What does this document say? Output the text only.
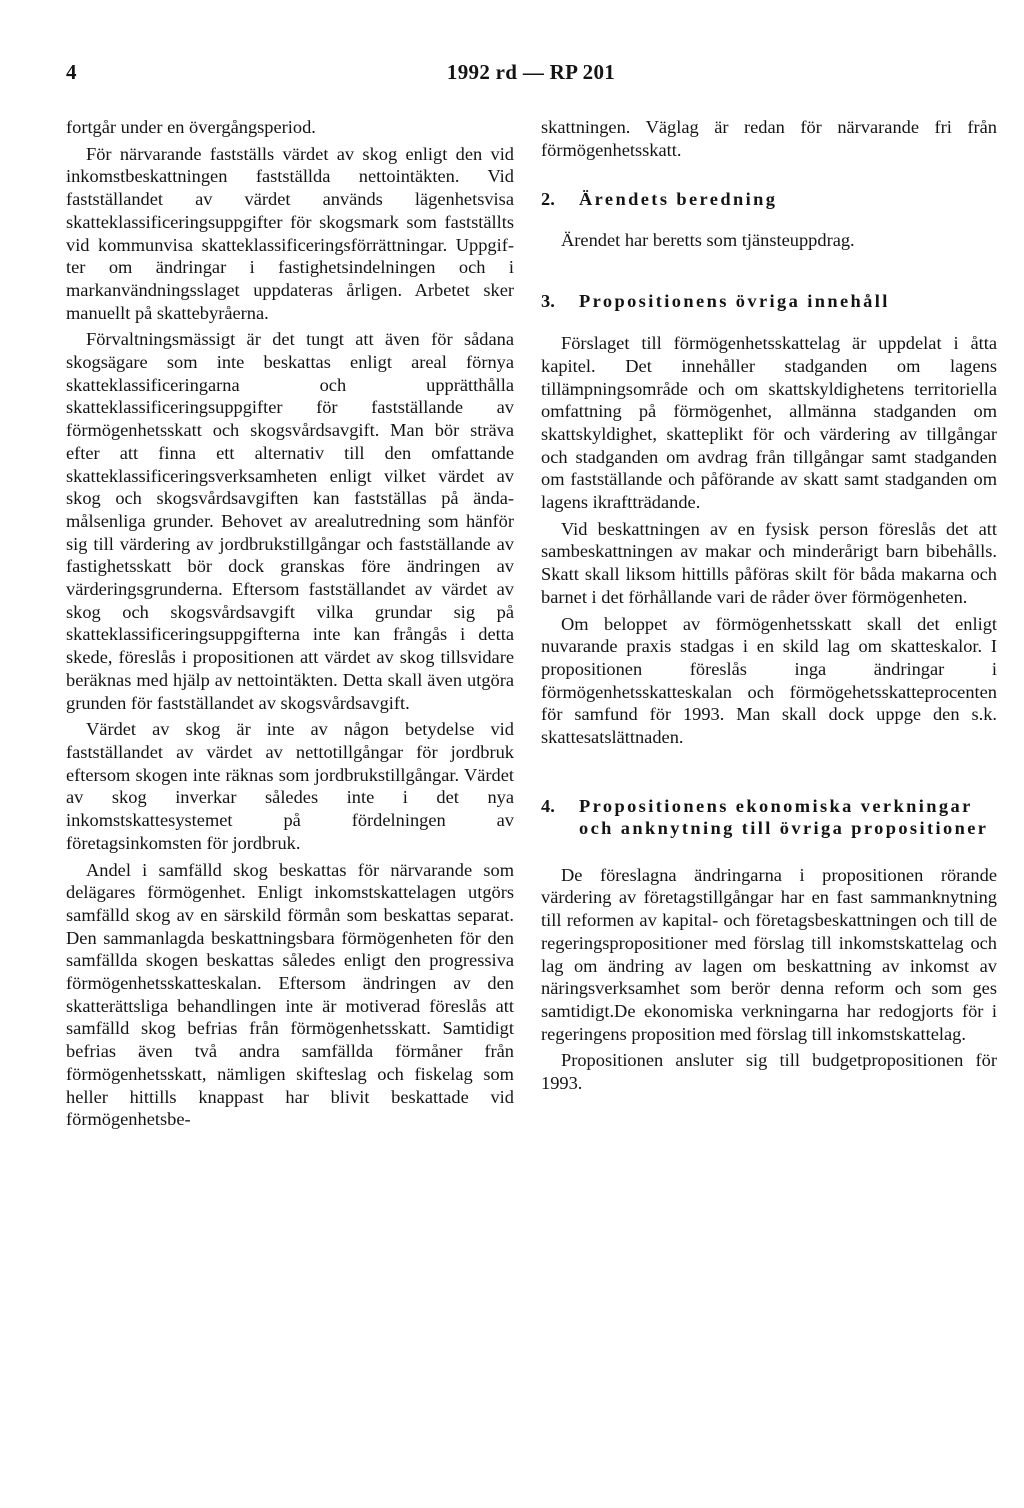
4	1992 rd — RP 201

fortgår under en övergångsperiod.

För närvarande fastställs värdet av skog enligt den vid inkomstbeskattningen fastställda nettointäkten. Vid fastställandet av värdet används lägenhetsvisa skatteklassificeringsuppgifter för skogsmark som fastställts vid kommunvisa skatteklassificeringsförrättningar. Uppgifter om ändringar i fastighetsindelningen och i markanvändningsslaget uppdateras årligen. Arbetet sker manuellt på skattebyråerna.

Förvaltningsmässigt är det tungt att även för sådana skogsägare som inte beskattas enligt areal förnya skatteklassificeringarna och upprätthålla skatteklassificeringsuppgifter för fastställande av förmögenhetsskatt och skogsvårdsavgift. Man bör sträva efter att finna ett alternativ till den omfattande skatteklassificeringsverksamheten enligt vilket värdet av skog och skogsvårdsavgiften kan fastställas på ändamålsenliga grunder. Behovet av arealutredning som hänför sig till värdering av jordbrukstillgångar och fastställande av fastighetsskatt bör dock granskas före ändringen av värderingsgrunderna. Eftersom fastställandet av värdet av skog och skogsvårdsavgift vilka grundar sig på skatteklassificeringsuppgifterna inte kan frångås i detta skede, föreslås i propositionen att värdet av skog tillsvidare beräknas med hjälp av nettointäkten. Detta skall även utgöra grunden för fastställandet av skogsvårdsavgift.

Värdet av skog är inte av någon betydelse vid fastställandet av värdet av nettotillgångar för jordbruk eftersom skogen inte räknas som jordbrukstillgångar. Värdet av skog inverkar således inte i det nya inkomstskattesystemet på fördelningen av företagsinkomsten för jordbruk.

Andel i samfälld skog beskattas för närvarande som delägares förmögenhet. Enligt inkomstskattelagen utgörs samfälld skog av en särskild förmån som beskattas separat. Den sammanlagda beskattningsbara förmögenheten för den samfällda skogen beskattas således enligt den progressiva förmögenhetsskatteskalan. Eftersom ändringen av den skatterättsliga behandlingen inte är motiverad föreslås att samfälld skog befrias från förmögenhetsskatt. Samtidigt befrias även två andra samfällda förmåner från förmögenhetsskatt, nämligen skifteslag och fiskelag som heller hittills knappast har blivit beskattade vid förmögenhetsbe-

skattningen. Väglag är redan för närvarande fri från förmögenhetsskatt.

2.	Ärendets beredning

Ärendet har beretts som tjänsteuppdrag.

3.	Propositionens övriga innehåll

Förslaget till förmögenhetsskattelag är uppdelat i åtta kapitel. Det innehåller stadganden om lagens tillämpningsområde och om skattskyldighetens territoriella omfattning på förmögenhet, allmänna stadganden om skattskyldighet, skatteplikt för och värdering av tillgångar och stadganden om avdrag från tillgångar samt stadganden om fastställande och påförande av skatt samt stadganden om lagens ikraftträdande.

Vid beskattningen av en fysisk person föreslås det att sambeskattningen av makar och minderårigt barn bibehålls. Skatt skall liksom hittills påföras skilt för båda makarna och barnet i det förhållande vari de råder över förmögenheten.

Om beloppet av förmögenhetsskatt skall det enligt nuvarande praxis stadgas i en skild lag om skatteskalor. I propositionen föreslås inga ändringar i förmögenhetsskatteskalan och förmögehetsskatteprocenten för samfund för 1993. Man skall dock uppge den s.k. skattesatslättnaden.

4.	Propositionens ekonomiska verkningar och anknytning till övriga propositioner

De föreslagna ändringarna i propositionen rörande värdering av företagstillgångar har en fast sammanknytning till reformen av kapital- och företagsbeskattningen och till de regeringspropositioner med förslag till inkomstskattelag och lag om ändring av lagen om beskattning av inkomst av näringsverksamhet som berör denna reform och som ges samtidigt.De ekonomiska verkningarna har redogjorts för i regeringens proposition med förslag till inkomstskattelag.

Propositionen ansluter sig till budgetpropositionen för 1993.
